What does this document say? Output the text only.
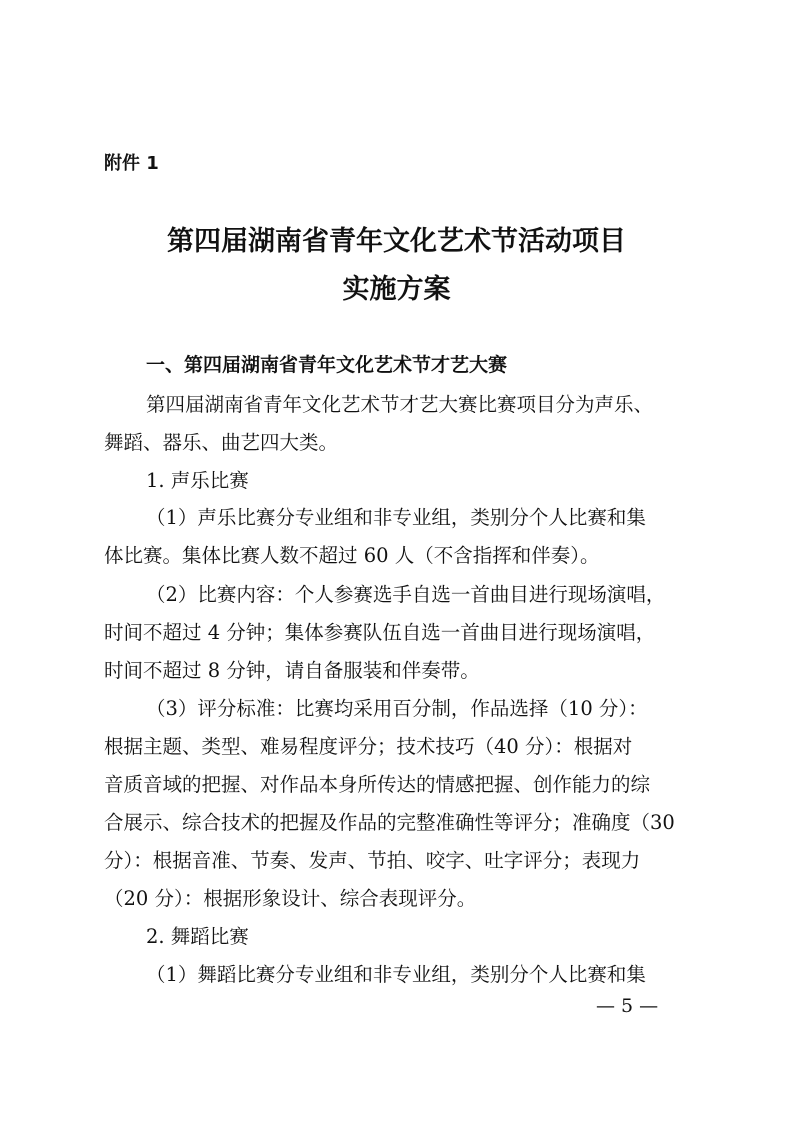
附件 1
第四届湖南省青年文化艺术节活动项目
实施方案
一、第四届湖南省青年文化艺术节才艺大赛
第四届湖南省青年文化艺术节才艺大赛比赛项目分为声乐、
舞蹈、器乐、曲艺四大类。
1. 声乐比赛
（1）声乐比赛分专业组和非专业组，类别分个人比赛和集
体比赛。集体比赛人数不超过 60 人（不含指挥和伴奏）。
（2）比赛内容：个人参赛选手自选一首曲目进行现场演唱，
时间不超过 4 分钟；集体参赛队伍自选一首曲目进行现场演唱，
时间不超过 8 分钟，请自备服装和伴奏带。
（3）评分标准：比赛均采用百分制，作品选择（10 分）：
根据主题、类型、难易程度评分；技术技巧（40 分）：根据对
音质音域的把握、对作品本身所传达的情感把握、创作能力的综
合展示、综合技术的把握及作品的完整准确性等评分；准确度（30
分）：根据音准、节奏、发声、节拍、咬字、吐字评分；表现力
（20 分）：根据形象设计、综合表现评分。
2. 舞蹈比赛
（1）舞蹈比赛分专业组和非专业组，类别分个人比赛和集
— 5 —
